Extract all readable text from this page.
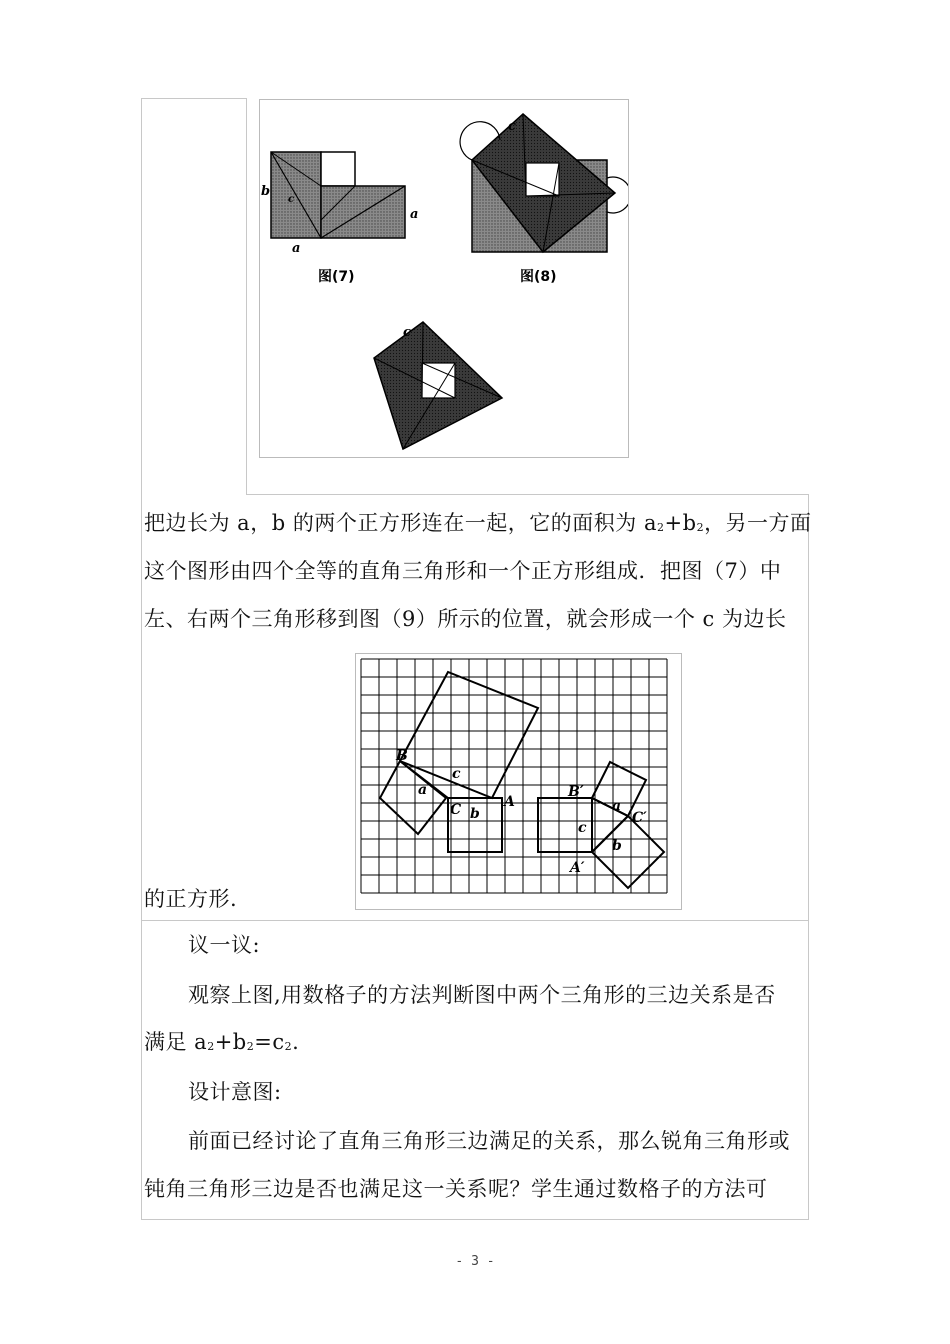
b
c
a
a
图(7)
c
图(8)
c
把边长为 a，b 的两个正方形连在一起，它的面积为 a2+b2，另一方面
这个图形由四个全等的直角三角形和一个正方形组成．把图（7）中
左、右两个三角形移到图（9）所示的位置，就会形成一个 c 为边长
B
c
a
C b
A
B′
a
C′
c
b
A′
的正方形.
议一议:
观察上图,用数格子的方法判断图中两个三角形的三边关系是否
满足 a2+b2=c2.
设计意图:
前面已经讨论了直角三角形三边满足的关系，那么锐角三角形或
钝角三角形三边是否也满足这一关系呢？学生通过数格子的方法可
- 3 -
